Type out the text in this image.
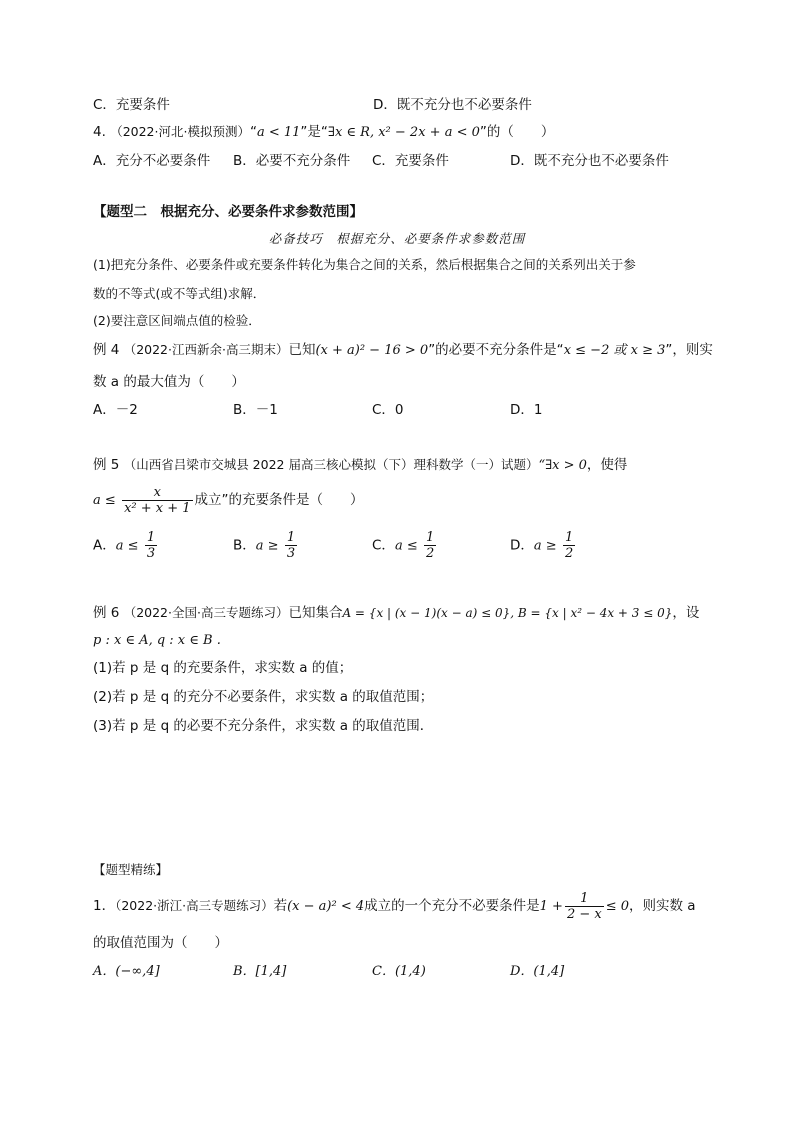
C．充要条件	D．既不充分也不必要条件
4. （2022·河北·模拟预测）“a < 11”是“∃x ∈ R, x² − 2x + a < 0”的（　　）
A．充分不必要条件 B．必要不充分条件 C．充要条件	D．既不充分也不必要条件
【题型二　根据充分、必要条件求参数范围】
必备技巧　根据充分、必要条件求参数范围
(1)把充分条件、必要条件或充要条件转化为集合之间的关系，然后根据集合之间的关系列出关于参
数的不等式(或不等式组)求解．
(2)要注意区间端点值的检验．
例 4 （2022·江西新余·高三期末）已知(x + a)² − 16 > 0”的必要不充分条件是“x ≤ −2 或 x ≥ 3”，则实
数 a 的最大值为（　　）
A．－2	B．－1	C．0	D．1
例 5 （山西省吕梁市交城县 2022 届高三核心模拟（下）理科数学（一）试题）“∃x > 0，使得
$a \le \frac{x}{\text{x² + x + 1}}$ 成立”的充要条件是（　　）
A．$a \le \frac{1}{3}$	B．$a \ge \frac{1}{3}$	C．$a \le \frac{1}{2}$	D．$a \ge \frac{1}{2}$
例 6 （2022·全国·高三专题练习）已知集合A = {x | (x − 1)(x − a) ≤ 0}, B = {x | x² − 4x + 3 ≤ 0}，设
p : x ∈ A, q : x ∈ B .
(1)若 p 是 q 的充要条件，求实数 a 的值；
(2)若 p 是 q 的充分不必要条件，求实数 a 的取值范围；
(3)若 p 是 q 的必要不充分条件，求实数 a 的取值范围．
【题型精练】
1．（2022·浙江·高三专题练习）若(x − a)² < 4成立的一个充分不必要条件是$1 + \frac{1}{2 - x} \le 0$，则实数 a
的取值范围为（　　）
A．(−∞,4]	B．[1,4]	C．(1,4)	D．(1,4]
